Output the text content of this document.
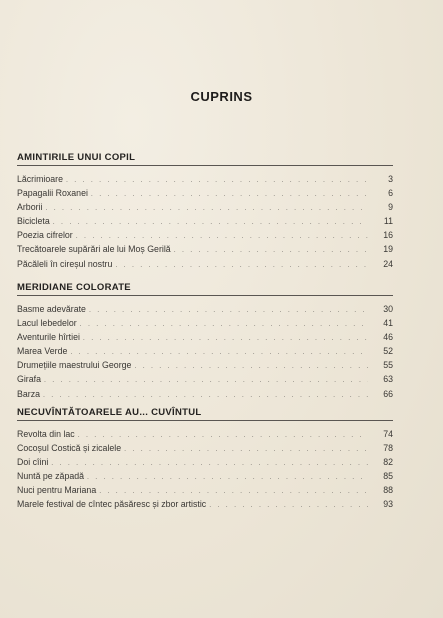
CUPRINS
AMINTIRILE UNUI COPIL
Lăcrimioare . . .	3
Papagalii Roxanei . . .	6
Arborii . . .	9
Bicicleta . . .	11
Poezia cifrelor . . .	16
Trecătoarele supărări ale lui Moș Gerilă . . .	19
Păcăleli în cireșul nostru . . .	24
MERIDIANE COLORATE
Basme adevărate . . .	30
Lacul lebedelor . . .	41
Aventurile hîrtiei . . .	46
Marea Verde . . .	52
Drumețiile maestrului George . . .	55
Girafa . . .	63
Barza . . .	66
NECUVÎNTĂTOARELE AU... CUVÎNTUL
Revolta din lac . . .	74
Cocoșul Costică și zicalele . . .	78
Doi cîini . . .	82
Nuntă pe zăpadă . . .	85
Nuci pentru Mariana . . .	88
Marele festival de cîntec păsăresc și zbor artistic . . .	93
